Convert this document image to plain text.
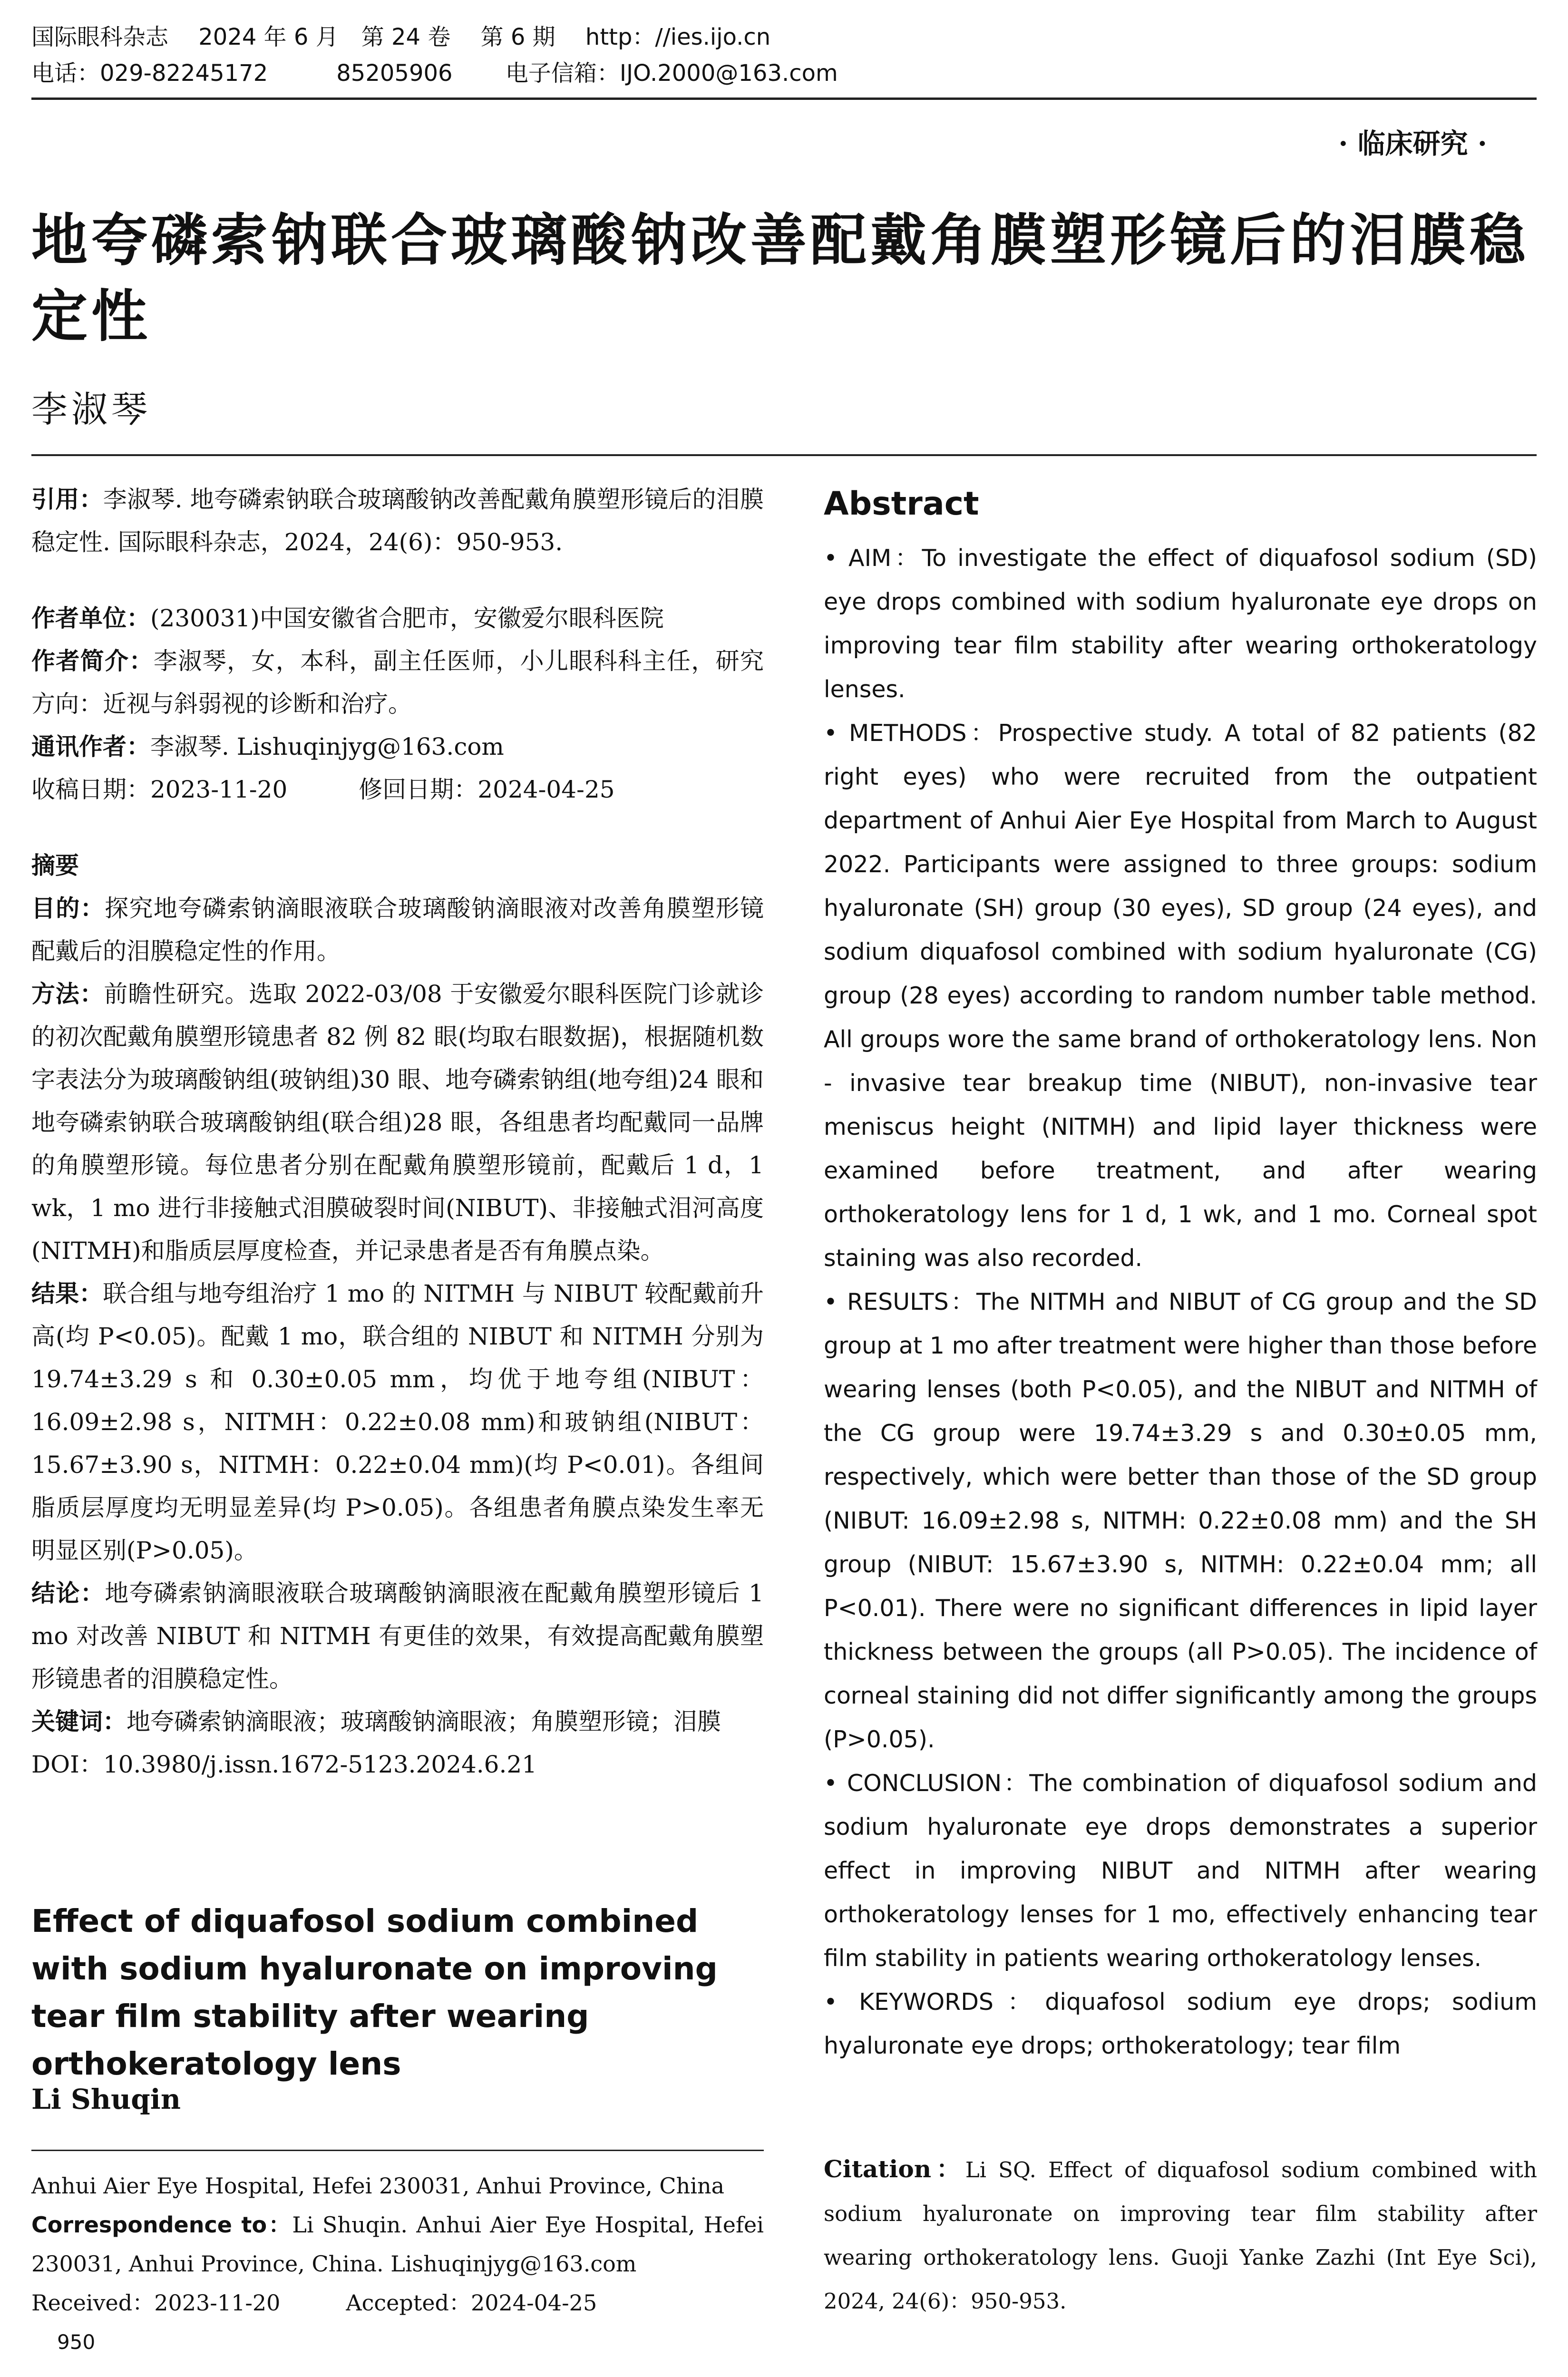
国际眼科杂志　 2024 年 6 月　第 24 卷　 第 6 期　 http：//ies.ijo.cn
电话：029-82245172　　　85205906　　 电子信箱：IJO.2000@163.com
· 临床研究 ·
地夸磷索钠联合玻璃酸钠改善配戴角膜塑形镜后的泪膜稳定性
李淑琴

引用：李淑琴. 地夸磷索钠联合玻璃酸钠改善配戴角膜塑形镜后的泪膜稳定性. 国际眼科杂志，2024，24(6)：950-953.

作者单位：(230031)中国安徽省合肥市，安徽爱尔眼科医院

作者简介：李淑琴，女，本科，副主任医师，小儿眼科科主任，研究方向：近视与斜弱视的诊断和治疗。

通讯作者：李淑琴. Lishuqinjyg@163.com

收稿日期：2023-11-20　　　修回日期：2024-04-25

摘要

目的：探究地夸磷索钠滴眼液联合玻璃酸钠滴眼液对改善角膜塑形镜配戴后的泪膜稳定性的作用。

方法：前瞻性研究。选取 2022-03/08 于安徽爱尔眼科医院门诊就诊的初次配戴角膜塑形镜患者 82 例 82 眼(均取右眼数据)，根据随机数字表法分为玻璃酸钠组(玻钠组)30 眼、地夸磷索钠组(地夸组)24 眼和地夸磷索钠联合玻璃酸钠组(联合组)28 眼，各组患者均配戴同一品牌的角膜塑形镜。每位患者分别在配戴角膜塑形镜前，配戴后 1 d，1 wk，1 mo 进行非接触式泪膜破裂时间(NIBUT)、非接触式泪河高度(NITMH)和脂质层厚度检查，并记录患者是否有角膜点染。

结果：联合组与地夸组治疗 1 mo 的 NITMH 与 NIBUT 较配戴前升高(均 P<0.05)。配戴 1 mo，联合组的 NIBUT 和 NITMH 分别为 19.74±3.29 s 和 0.30±0.05 mm，均优于地夸组(NIBUT：16.09±2.98 s，NITMH：0.22±0.08 mm)和玻钠组(NIBUT：15.67±3.90 s，NITMH：0.22±0.04 mm)(均 P<0.01)。各组间脂质层厚度均无明显差异(均 P>0.05)。各组患者角膜点染发生率无明显区别(P>0.05)。

结论：地夸磷索钠滴眼液联合玻璃酸钠滴眼液在配戴角膜塑形镜后 1 mo 对改善 NIBUT 和 NITMH 有更佳的效果，有效提高配戴角膜塑形镜患者的泪膜稳定性。

关键词：地夸磷索钠滴眼液；玻璃酸钠滴眼液；角膜塑形镜；泪膜

DOI：10.3980/j.issn.1672-5123.2024.6.21

Effect of diquafosol sodium combined with sodium hyaluronate on improving tear film stability after wearing orthokeratology lens
Li Shuqin

Anhui Aier Eye Hospital, Hefei 230031, Anhui Province, China

Correspondence to：Li Shuqin. Anhui Aier Eye Hospital, Hefei 230031, Anhui Province, China. Lishuqinjyg@163.com

Received：2023-11-20　　　Accepted：2024-04-25

950
Abstract

• AIM：To investigate the effect of diquafosol sodium (SD) eye drops combined with sodium hyaluronate eye drops on improving tear film stability after wearing orthokeratology lenses.

• METHODS：Prospective study. A total of 82 patients (82 right eyes) who were recruited from the outpatient department of Anhui Aier Eye Hospital from March to August 2022. Participants were assigned to three groups: sodium hyaluronate (SH) group (30 eyes), SD group (24 eyes), and sodium diquafosol combined with sodium hyaluronate (CG) group (28 eyes) according to random number table method. All groups wore the same brand of orthokeratology lens. Non - invasive tear breakup time (NIBUT), non-invasive tear meniscus height (NITMH) and lipid layer thickness were examined before treatment, and after wearing orthokeratology lens for 1 d, 1 wk, and 1 mo. Corneal spot staining was also recorded.

• RESULTS：The NITMH and NIBUT of CG group and the SD group at 1 mo after treatment were higher than those before wearing lenses (both P<0.05), and the NIBUT and NITMH of the CG group were 19.74±3.29 s and 0.30±0.05 mm, respectively, which were better than those of the SD group (NIBUT: 16.09±2.98 s, NITMH: 0.22±0.08 mm) and the SH group (NIBUT: 15.67±3.90 s, NITMH: 0.22±0.04 mm; all P<0.01). There were no significant differences in lipid layer thickness between the groups (all P>0.05). The incidence of corneal staining did not differ significantly among the groups (P>0.05).

• CONCLUSION：The combination of diquafosol sodium and sodium hyaluronate eye drops demonstrates a superior effect in improving NIBUT and NITMH after wearing orthokeratology lenses for 1 mo, effectively enhancing tear film stability in patients wearing orthokeratology lenses.

• KEYWORDS：diquafosol sodium eye drops; sodium hyaluronate eye drops; orthokeratology; tear film

Citation：Li SQ. Effect of diquafosol sodium combined with sodium hyaluronate on improving tear film stability after wearing orthokeratology lens. Guoji Yanke Zazhi (Int Eye Sci), 2024, 24(6)：950-953.
